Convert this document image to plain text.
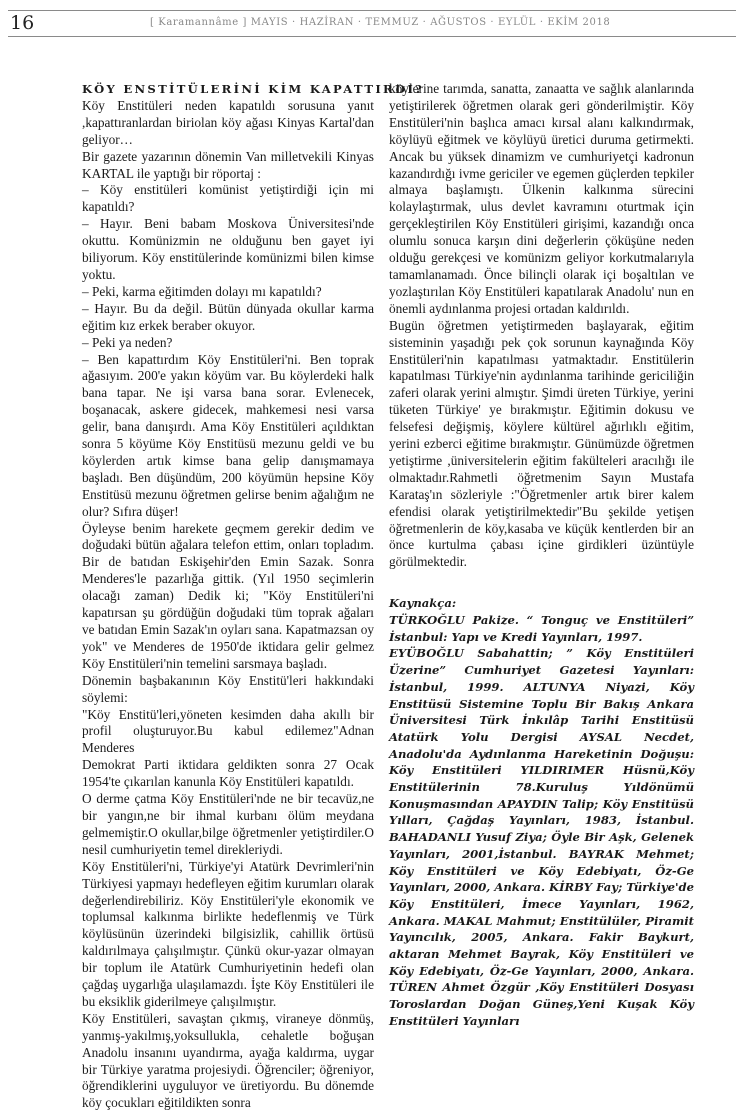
16	[ Karamannâme ] MAYIS · HAZİRAN · TEMMUZ · AĞUSTOS · EYLÜL · EKİM 2018

KÖY ENSTİTÜLERİNİ KİM KAPATTIRDI?

Köy Enstitüleri neden kapatıldı sorusuna yanıt ,kapattıranlardan biriolan köy ağası Kinyas Kartal'dan geliyor…

Bir gazete yazarının dönemin Van milletvekili Kinyas KARTAL ile yaptığı bir röportaj :

– Köy enstitüleri komünist yetiştirdiği için mi kapatıldı?

– Hayır. Beni babam Moskova Üniversitesi'nde okuttu. Komünizmin ne olduğunu ben gayet iyi biliyorum. Köy enstitülerinde komünizmi bilen kimse yoktu.

– Peki, karma eğitimden dolayı mı kapatıldı?

– Hayır. Bu da değil. Bütün dünyada okullar karma eğitim kız erkek beraber okuyor.

– Peki ya neden?

– Ben kapattırdım Köy Enstitüleri'ni. Ben toprak ağasıyım. 200'e yakın köyüm var. Bu köylerdeki halk bana tapar. Ne işi varsa bana sorar. Evlenecek, boşanacak, askere gidecek, mahkemesi nesi varsa gelir, bana danışırdı. Ama Köy Enstitüleri açıldıktan sonra 5 köyüme Köy Enstitüsü mezunu geldi ve bu köylerden artık kimse bana gelip danışmamaya başladı. Ben düşündüm, 200 köyümün hepsine Köy Enstitüsü mezunu öğretmen gelirse benim ağalığım ne olur? Sıfıra düşer!

Öyleyse benim harekete geçmem gerekir dedim ve doğudaki bütün ağalara telefon ettim, onları topladım. Bir de batıdan Eskişehir'den Emin Sazak. Sonra Menderes'le pazarlığa gittik. (Yıl 1950 seçimlerin olacağı zaman) Dedik ki; "Köy Enstitüleri'ni kapatırsan şu gördüğün doğudaki tüm toprak ağaları ve batıdan Emin Sazak'ın oyları sana. Kapatmazsan oy yok" ve Menderes de 1950'de iktidara gelir gelmez Köy Enstitüleri'nin temelini sarsmaya başladı.

Dönemin başbakanının Köy Enstitü'leri hakkındaki söylemi:

"Köy Enstitü'leri,yöneten kesimden daha akıllı bir profil oluşturuyor.Bu kabul edilemez"Adnan Menderes

Demokrat Parti iktidara geldikten sonra 27 Ocak 1954'te çıkarılan kanunla Köy Enstitüleri kapatıldı.

O derme çatma Köy Enstitüleri'nde ne bir tecavüz,ne bir yangın,ne bir ihmal kurbanı ölüm meydana gelmemiştir.O okullar,bilge öğretmenler yetiştirdiler.O nesil cumhuriyetin temel direkleriydi.

Köy Enstitüleri'ni, Türkiye'yi Atatürk Devrimleri'nin Türkiyesi yapmayı hedefleyen eğitim kurumları olarak değerlendirebiliriz. Köy Enstitüleri'yle ekonomik ve toplumsal kalkınma birlikte hedeflenmiş ve Türk köylüsünün üzerindeki bilgisizlik, cahillik örtüsü kaldırılmaya çalışılmıştır. Çünkü okur-yazar olmayan bir toplum ile Atatürk Cumhuriyetinin hedefi olan çağdaş uygarlığa ulaşılamazdı. İşte Köy Enstitüleri ile bu eksiklik giderilmeye çalışılmıştır.

Köy Enstitüleri, savaştan çıkmış, viraneye dönmüş, yanmış-yakılmış,yoksullukla, cehaletle boğuşan Anadolu insanını uyandırma, ayağa kaldırma, uygar bir Türkiye yaratma projesiydi. Öğrenciler; öğreniyor, öğrendiklerini uyguluyor ve üretiyordu. Bu dönemde köy çocukları eğitildikten sonra

köylerine tarımda, sanatta, zanaatta ve sağlık alanlarında yetiştirilerek öğretmen olarak geri gönderilmiştir. Köy Enstitüleri'nin başlıca amacı kırsal alanı kalkındırmak, köylüyü eğitmek ve köylüyü üretici duruma getirmekti. Ancak bu yüksek dinamizm ve cumhuriyetçi kadronun kazandırdığı ivme gericiler ve egemen güçlerden tepkiler almaya başlamıştı. Ülkenin kalkınma sürecini kolaylaştırmak, ulus devlet kavramını oturtmak için gerçekleştirilen Köy Enstitüleri girişimi, kazandığı onca olumlu sonuca karşın dini değerlerin çöküşüne neden olduğu gerekçesi ve komünizm geliyor korkutmalarıyla tamamlanamadı. Önce bilinçli olarak içi boşaltılan ve yozlaştırılan Köy Enstitüleri kapatılarak Anadolu' nun en önemli aydınlanma projesi ortadan kaldırıldı.

Bugün öğretmen yetiştirmeden başlayarak, eğitim sisteminin yaşadığı pek çok sorunun kaynağında Köy Enstitüleri'nin kapatılması yatmaktadır. Enstitülerin kapatılması Türkiye'nin aydınlanma tarihinde gericiliğin zaferi olarak yerini almıştır. Şimdi üreten Türkiye, yerini tüketen Türkiye' ye bırakmıştır. Eğitimin dokusu ve felsefesi değişmiş, köylere kültürel ağırlıklı eğitim, yerini ezberci eğitime bırakmıştır. Günümüzde öğretmen yetiştirme ,üniversitelerin eğitim fakülteleri aracılığı ile olmaktadır.Rahmetli öğretmenim Sayın Mustafa Karataş'ın sözleriyle :"Öğretmenler artık birer kalem efendisi olarak yetiştirilmektedir"Bu şekilde yetişen öğretmenlerin de köy,kasaba ve küçük kentlerden bir an önce kurtulma çabası içine girdikleri üzüntüyle görülmektedir.

Kaynakça:

TÜRKOĞLU Pakize. “ Tonguç ve Enstitüleri” İstanbul: Yapı ve Kredi Yayınları, 1997.

EYÜBOĞLU Sabahattin; ” Köy Enstitüleri Üzerine” Cumhuriyet Gazetesi Yayınları: İstanbul, 1999. ALTUNYA Niyazi, Köy Enstitüsü Sistemine Toplu Bir Bakış Ankara Üniversitesi Türk İnkılâp Tarihi Enstitüsü Atatürk Yolu Dergisi AYSAL Necdet, Anadolu'da Aydınlanma Hareketinin Doğuşu: Köy Enstitüleri YILDIRIMER Hüsnü,Köy Enstitülerinin 78.Kuruluş Yıldönümü Konuşmasından APAYDIN Talip; Köy Enstitüsü Yılları, Çağdaş Yayınları, 1983, İstanbul. BAHADANLI Yusuf Ziya; Öyle Bir Aşk, Gelenek Yayınları, 2001,İstanbul. BAYRAK Mehmet; Köy Enstitüleri ve Köy Edebiyatı, Öz-Ge Yayınları, 2000, Ankara. KİRBY Fay; Türkiye'de Köy Enstitüleri, İmece Yayınları, 1962, Ankara. MAKAL Mahmut; Enstitülüler, Piramit Yayıncılık, 2005, Ankara. Fakir Baykurt, aktaran Mehmet Bayrak, Köy Enstitüleri ve Köy Edebiyatı, Öz-Ge Yayınları, 2000, Ankara. TÜREN Ahmet Özgür ,Köy Enstitüleri Dosyası Toroslardan Doğan Güneş,Yeni Kuşak Köy Enstitüleri Yayınları
